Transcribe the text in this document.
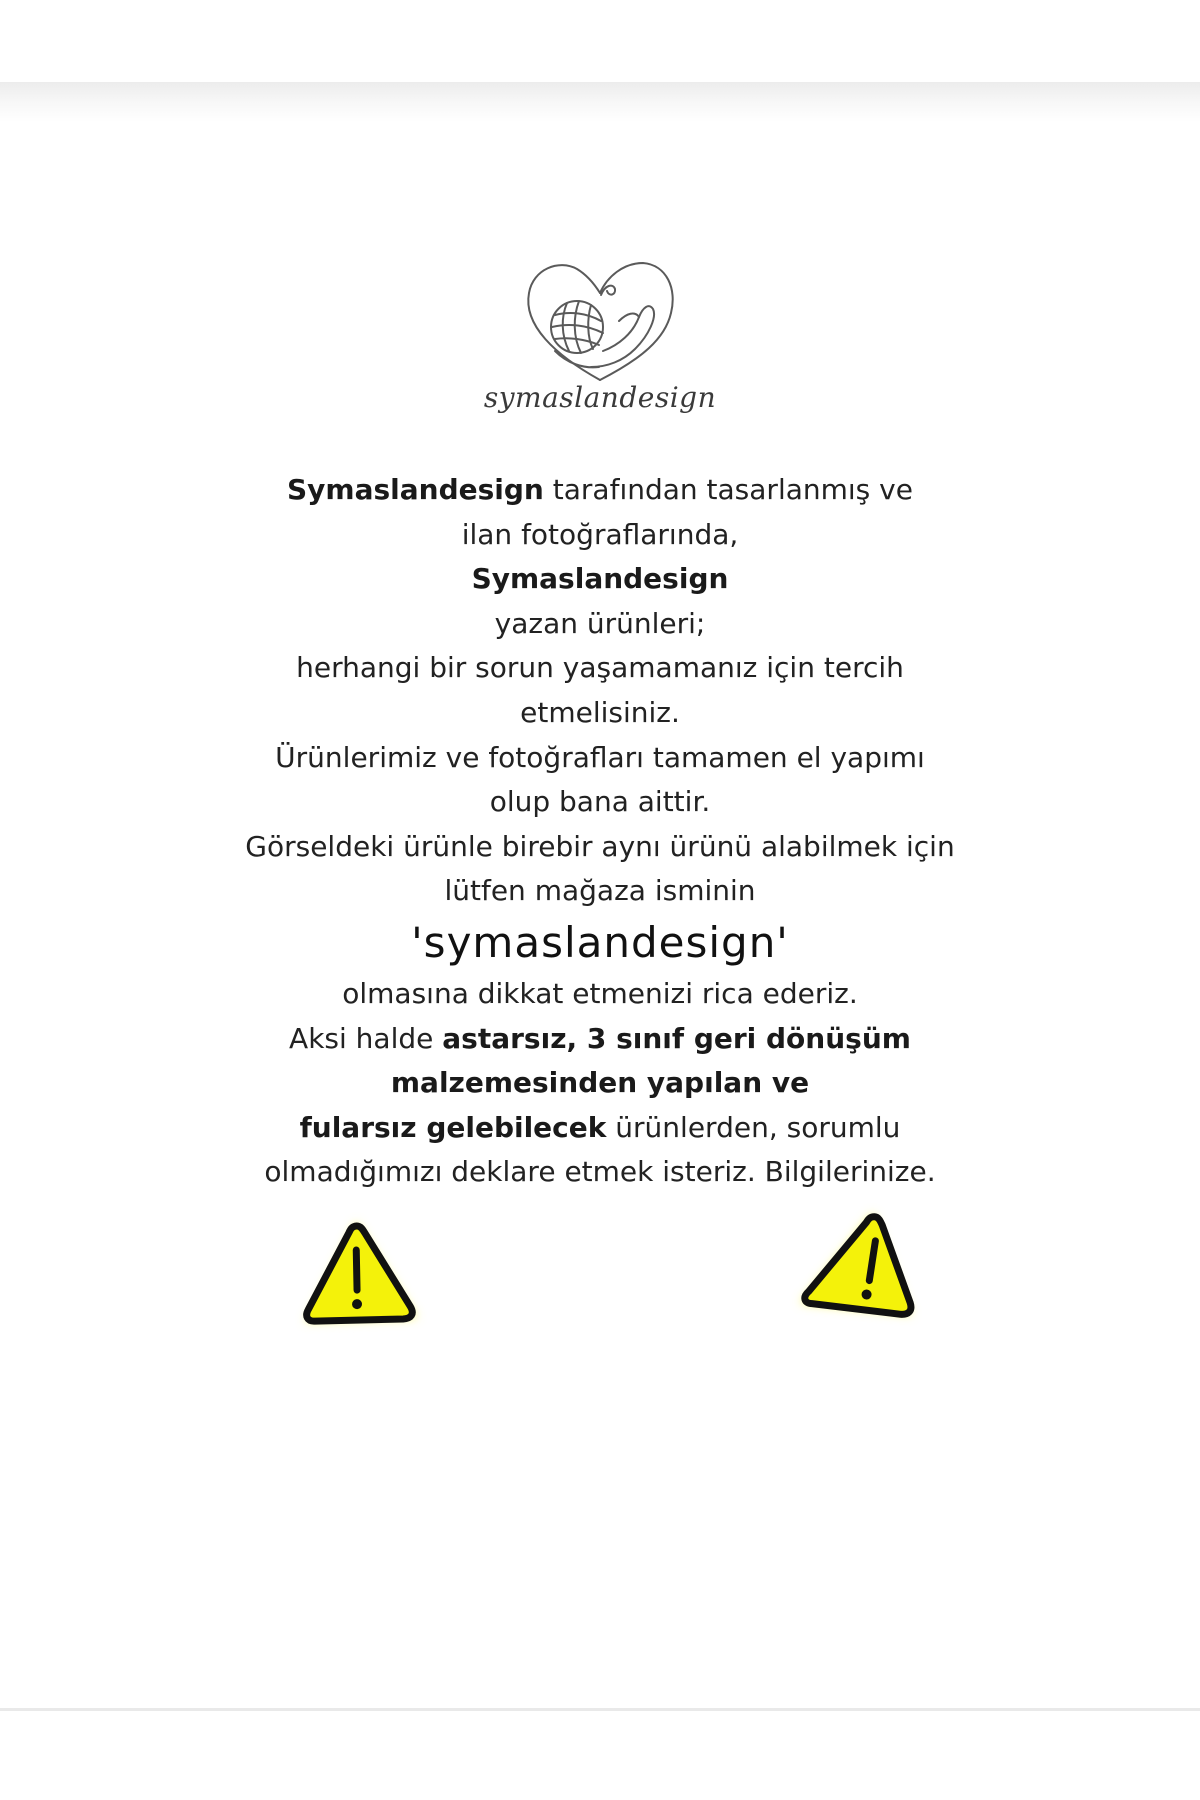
symaslandesign

Symaslandesign tarafından tasarlanmış ve

ilan fotoğraflarında,

Symaslandesign

yazan ürünleri;

herhangi bir sorun yaşamamanız için tercih

etmelisiniz.

Ürünlerimiz ve fotoğrafları tamamen el yapımı

olup bana aittir.

Görseldeki ürünle birebir aynı ürünü alabilmek için

lütfen mağaza isminin

'symaslandesign'

olmasına dikkat etmenizi rica ederiz.

Aksi halde astarsız, 3 sınıf geri dönüşüm

malzemesinden yapılan ve

fularsız gelebilecek ürünlerden, sorumlu

olmadığımızı deklare etmek isteriz. Bilgilerinize.
